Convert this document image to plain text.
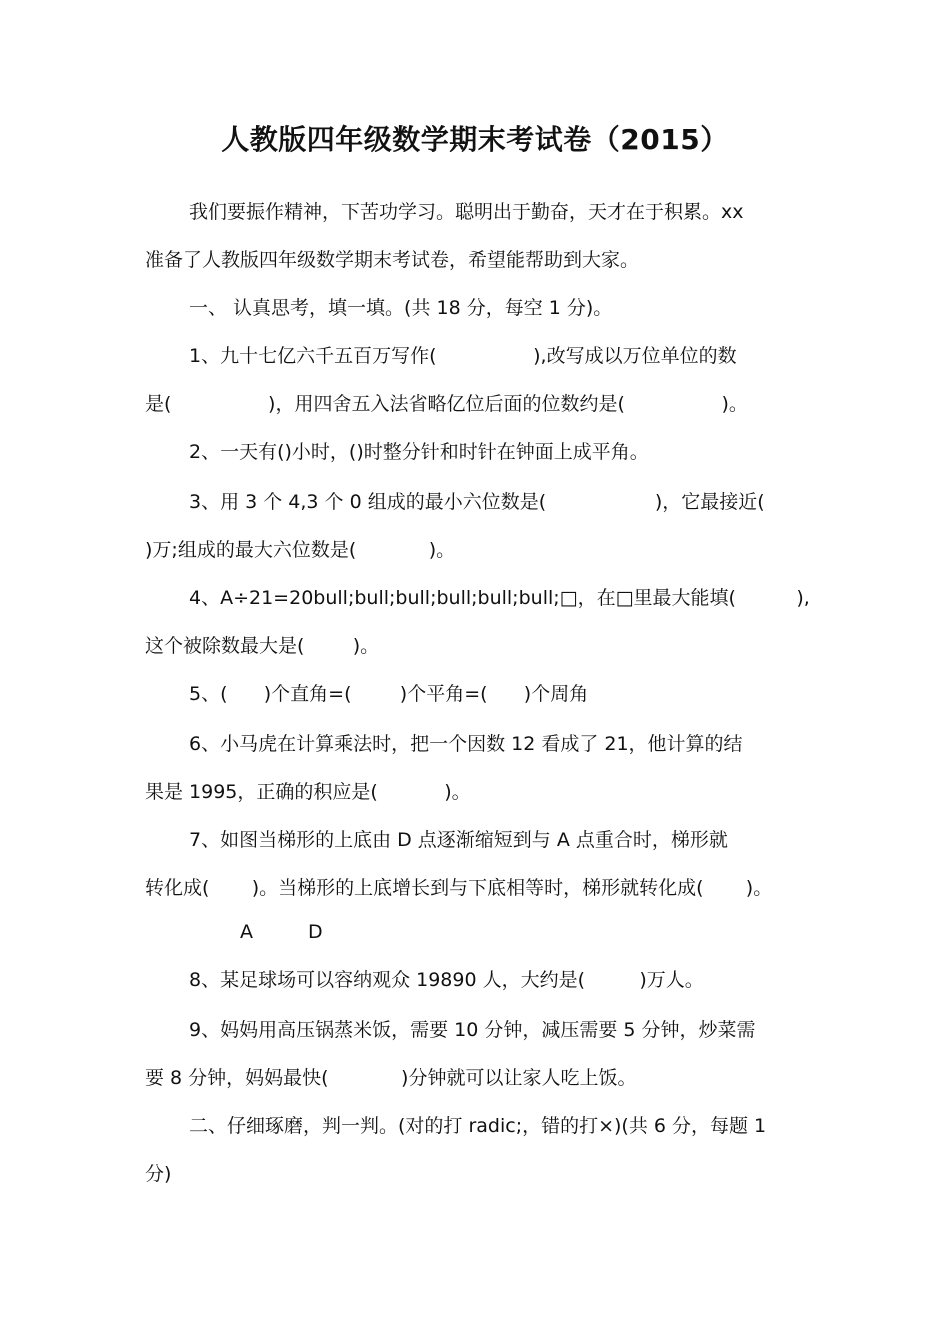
人教版四年级数学期末考试卷（2015）
我们要振作精神，下苦功学习。聪明出于勤奋，天才在于积累。xx
准备了人教版四年级数学期末考试卷，希望能帮助到大家。
一、 认真思考，填一填。(共 18 分，每空 1 分)。
1、九十七亿六千五百万写作(                ),改写成以万位单位的数
是(                )，用四舍五入法省略亿位后面的位数约是(                )。
2、一天有()小时，()时整分针和时针在钟面上成平角。
3、用 3 个 4,3 个 0 组成的最小六位数是(                  )，它最接近(
)万;组成的最大六位数是(            )。
4、A÷21=20bull;bull;bull;bull;bull;bull;□，在□里最大能填(          ),
这个被除数最大是(        )。
5、(      )个直角=(        )个平角=(      )个周角
6、小马虎在计算乘法时，把一个因数 12 看成了 21，他计算的结
果是 1995，正确的积应是(           )。
7、如图当梯形的上底由 D 点逐渐缩短到与 A 点重合时，梯形就
转化成(       )。当梯形的上底增长到与下底相等时，梯形就转化成(       )。
A	D
8、某足球场可以容纳观众 19890 人，大约是(         )万人。
9、妈妈用高压锅蒸米饭，需要 10 分钟，减压需要 5 分钟，炒菜需
要 8 分钟，妈妈最快(            )分钟就可以让家人吃上饭。
二、仔细琢磨，判一判。(对的打 radic;，错的打×)(共 6 分，每题 1
分)
